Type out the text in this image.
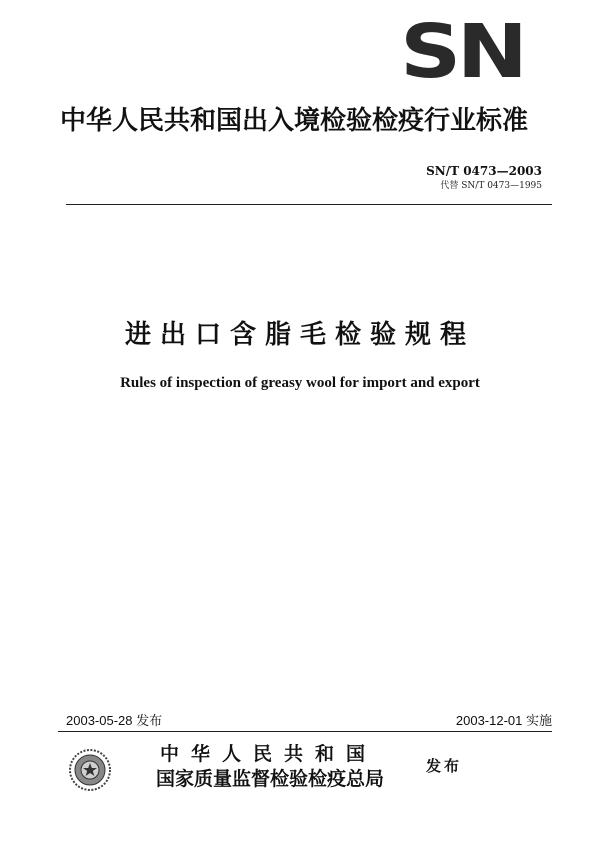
SN
中华人民共和国出入境检验检疫行业标准
SN/T 0473—2003
代替 SN/T 0473—1995
进出口含脂毛检验规程
Rules of inspection of greasy wool for import and export
2003-05-28 发布	2003-12-01 实施
中华人民共和国
国家质量监督检验检疫总局
发布
